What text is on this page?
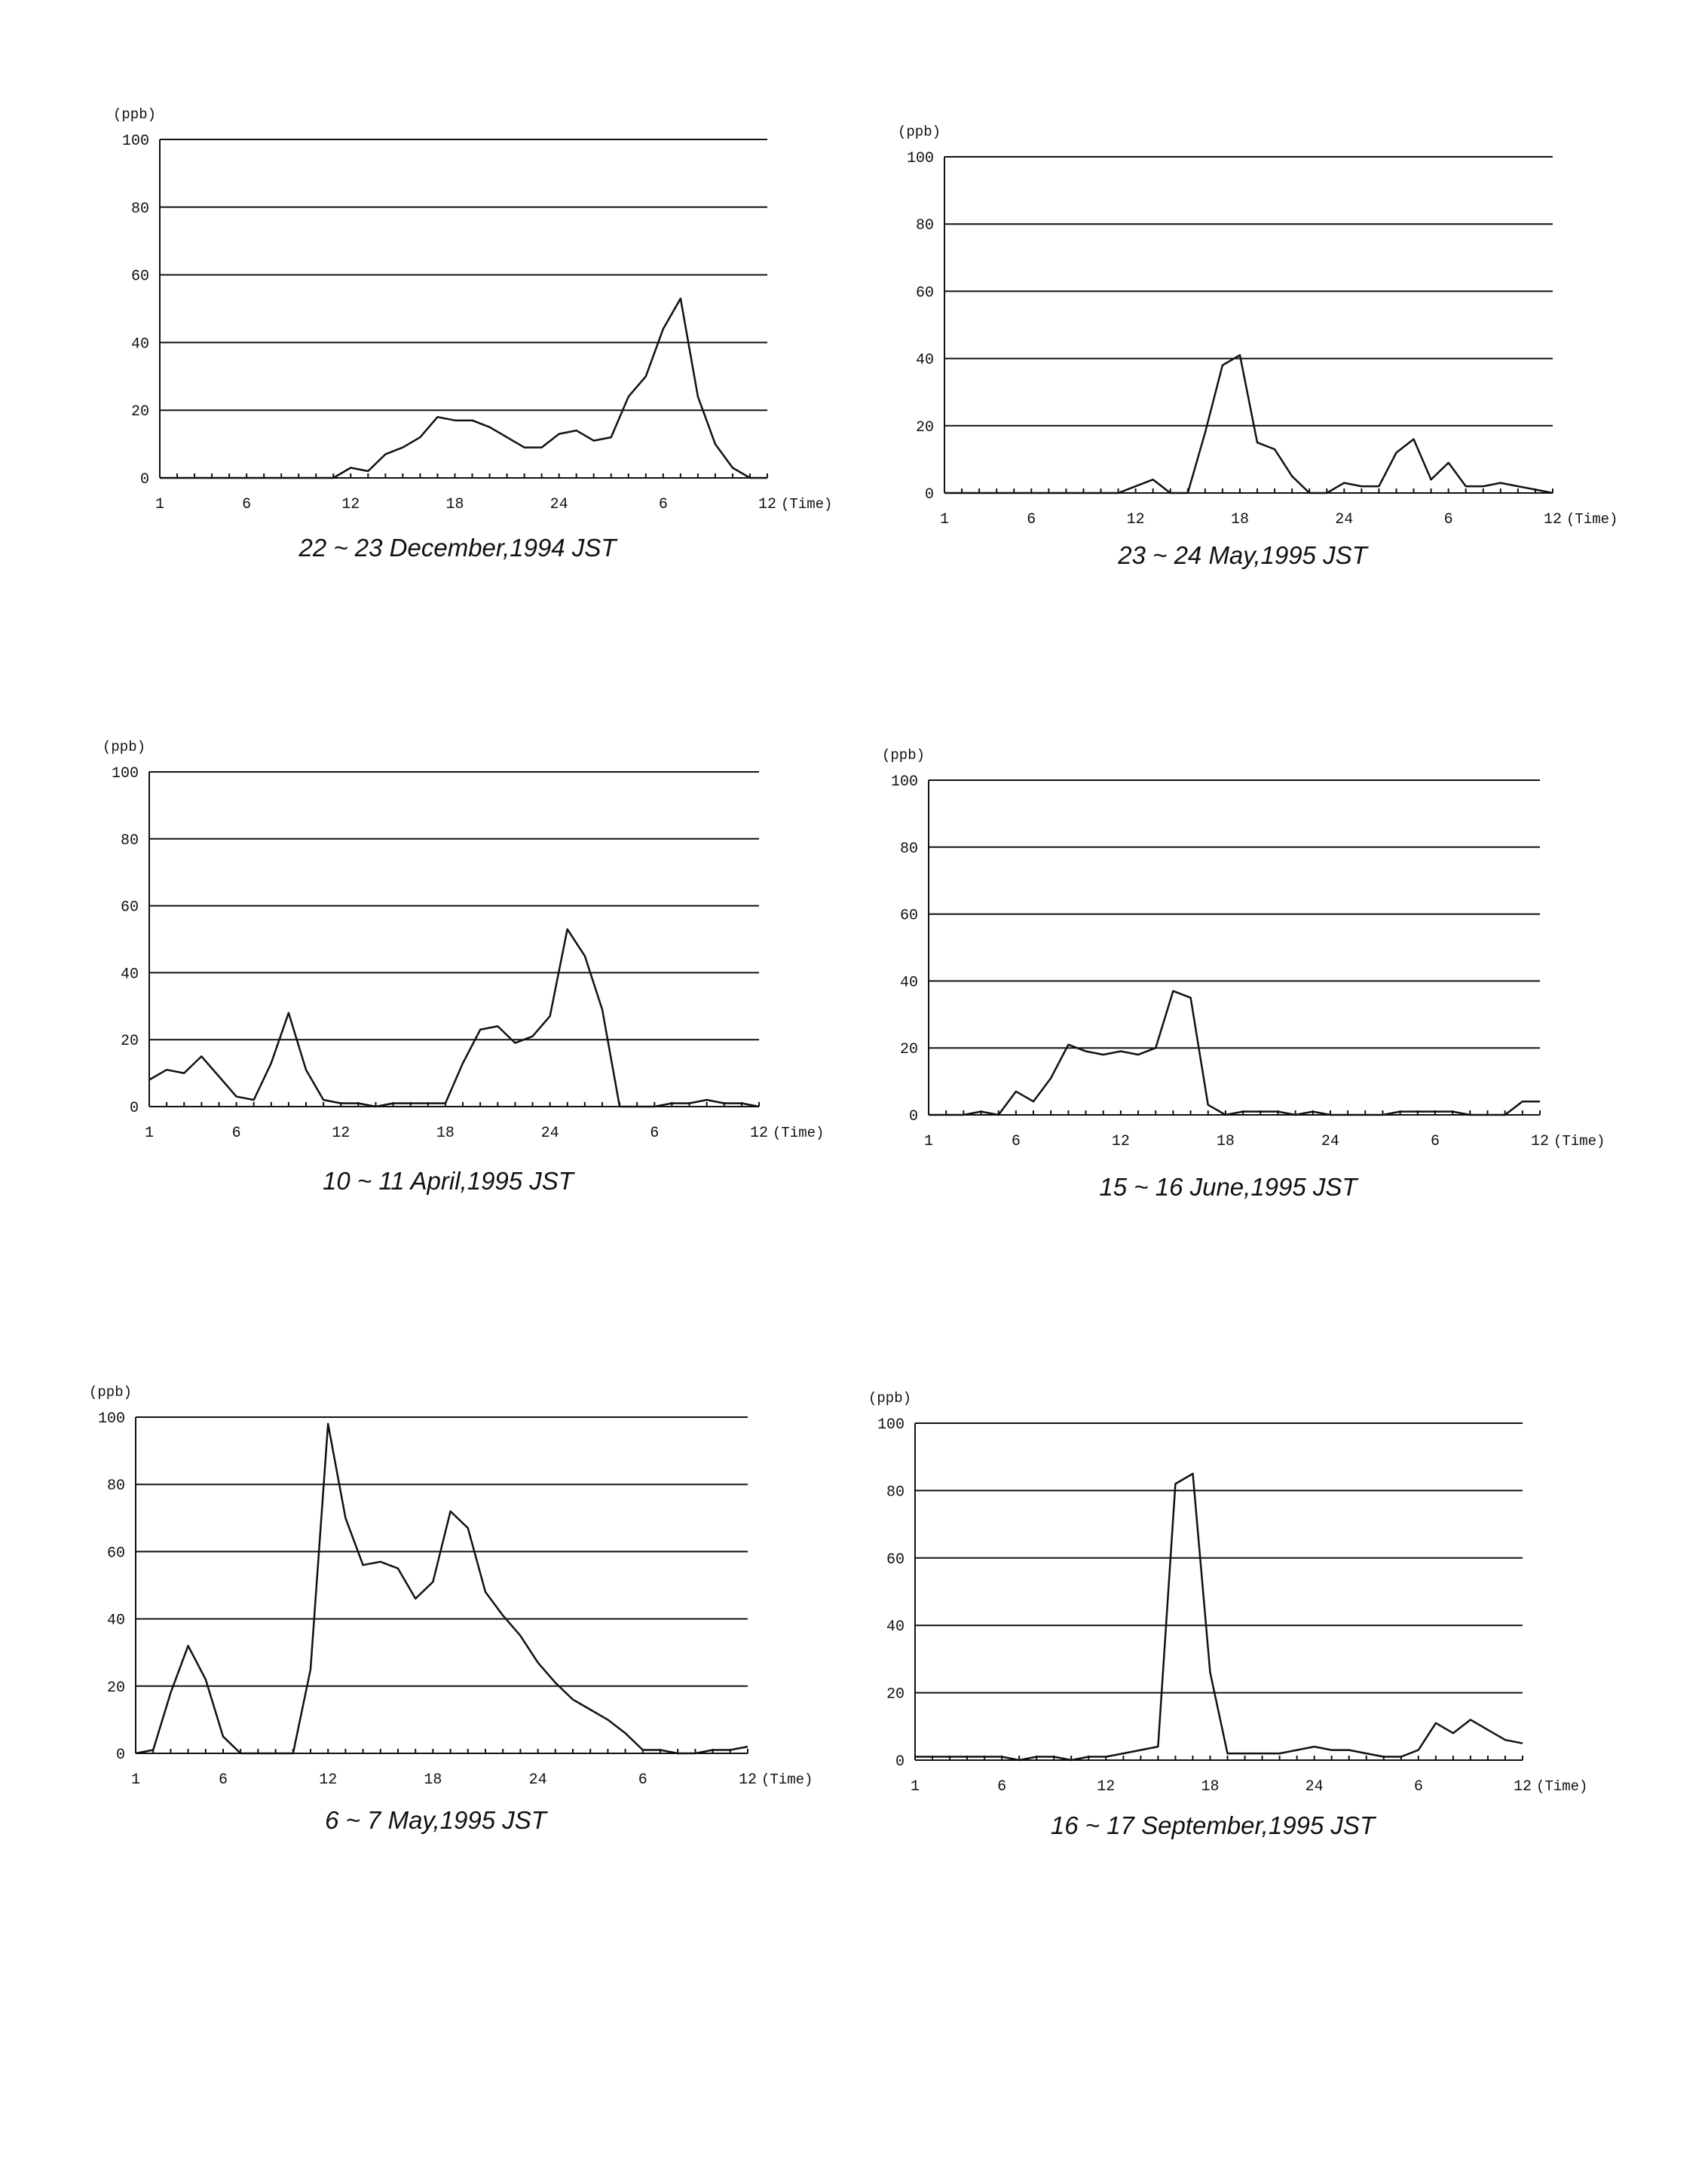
0
20
40
60
80
100
(ppb)
1	6	12	18	24	6	12 (Time)
22 ~ 23 December,1994 JST
0
20
40
60
80
100
(ppb)
1	6	12	18	24	6	12 (Time)
23 ~ 24 May,1995 JST
0
20
40
60
80
100
(ppb)
1	6	12	18	24	6	12 (Time)
10 ~ 11 April,1995 JST
0
20
40
60
80
100
(ppb)
1	6	12	18	24	6	12 (Time)
15 ~ 16 June,1995 JST
0
20
40
60
80
100
(ppb)
1	6	12	18	24	6	12 (Time)
6 ~ 7 May,1995 JST
0
20
40
60
80
100
(ppb)
1	6	12	18	24	6	12 (Time)
16 ~ 17 September,1995 JST
